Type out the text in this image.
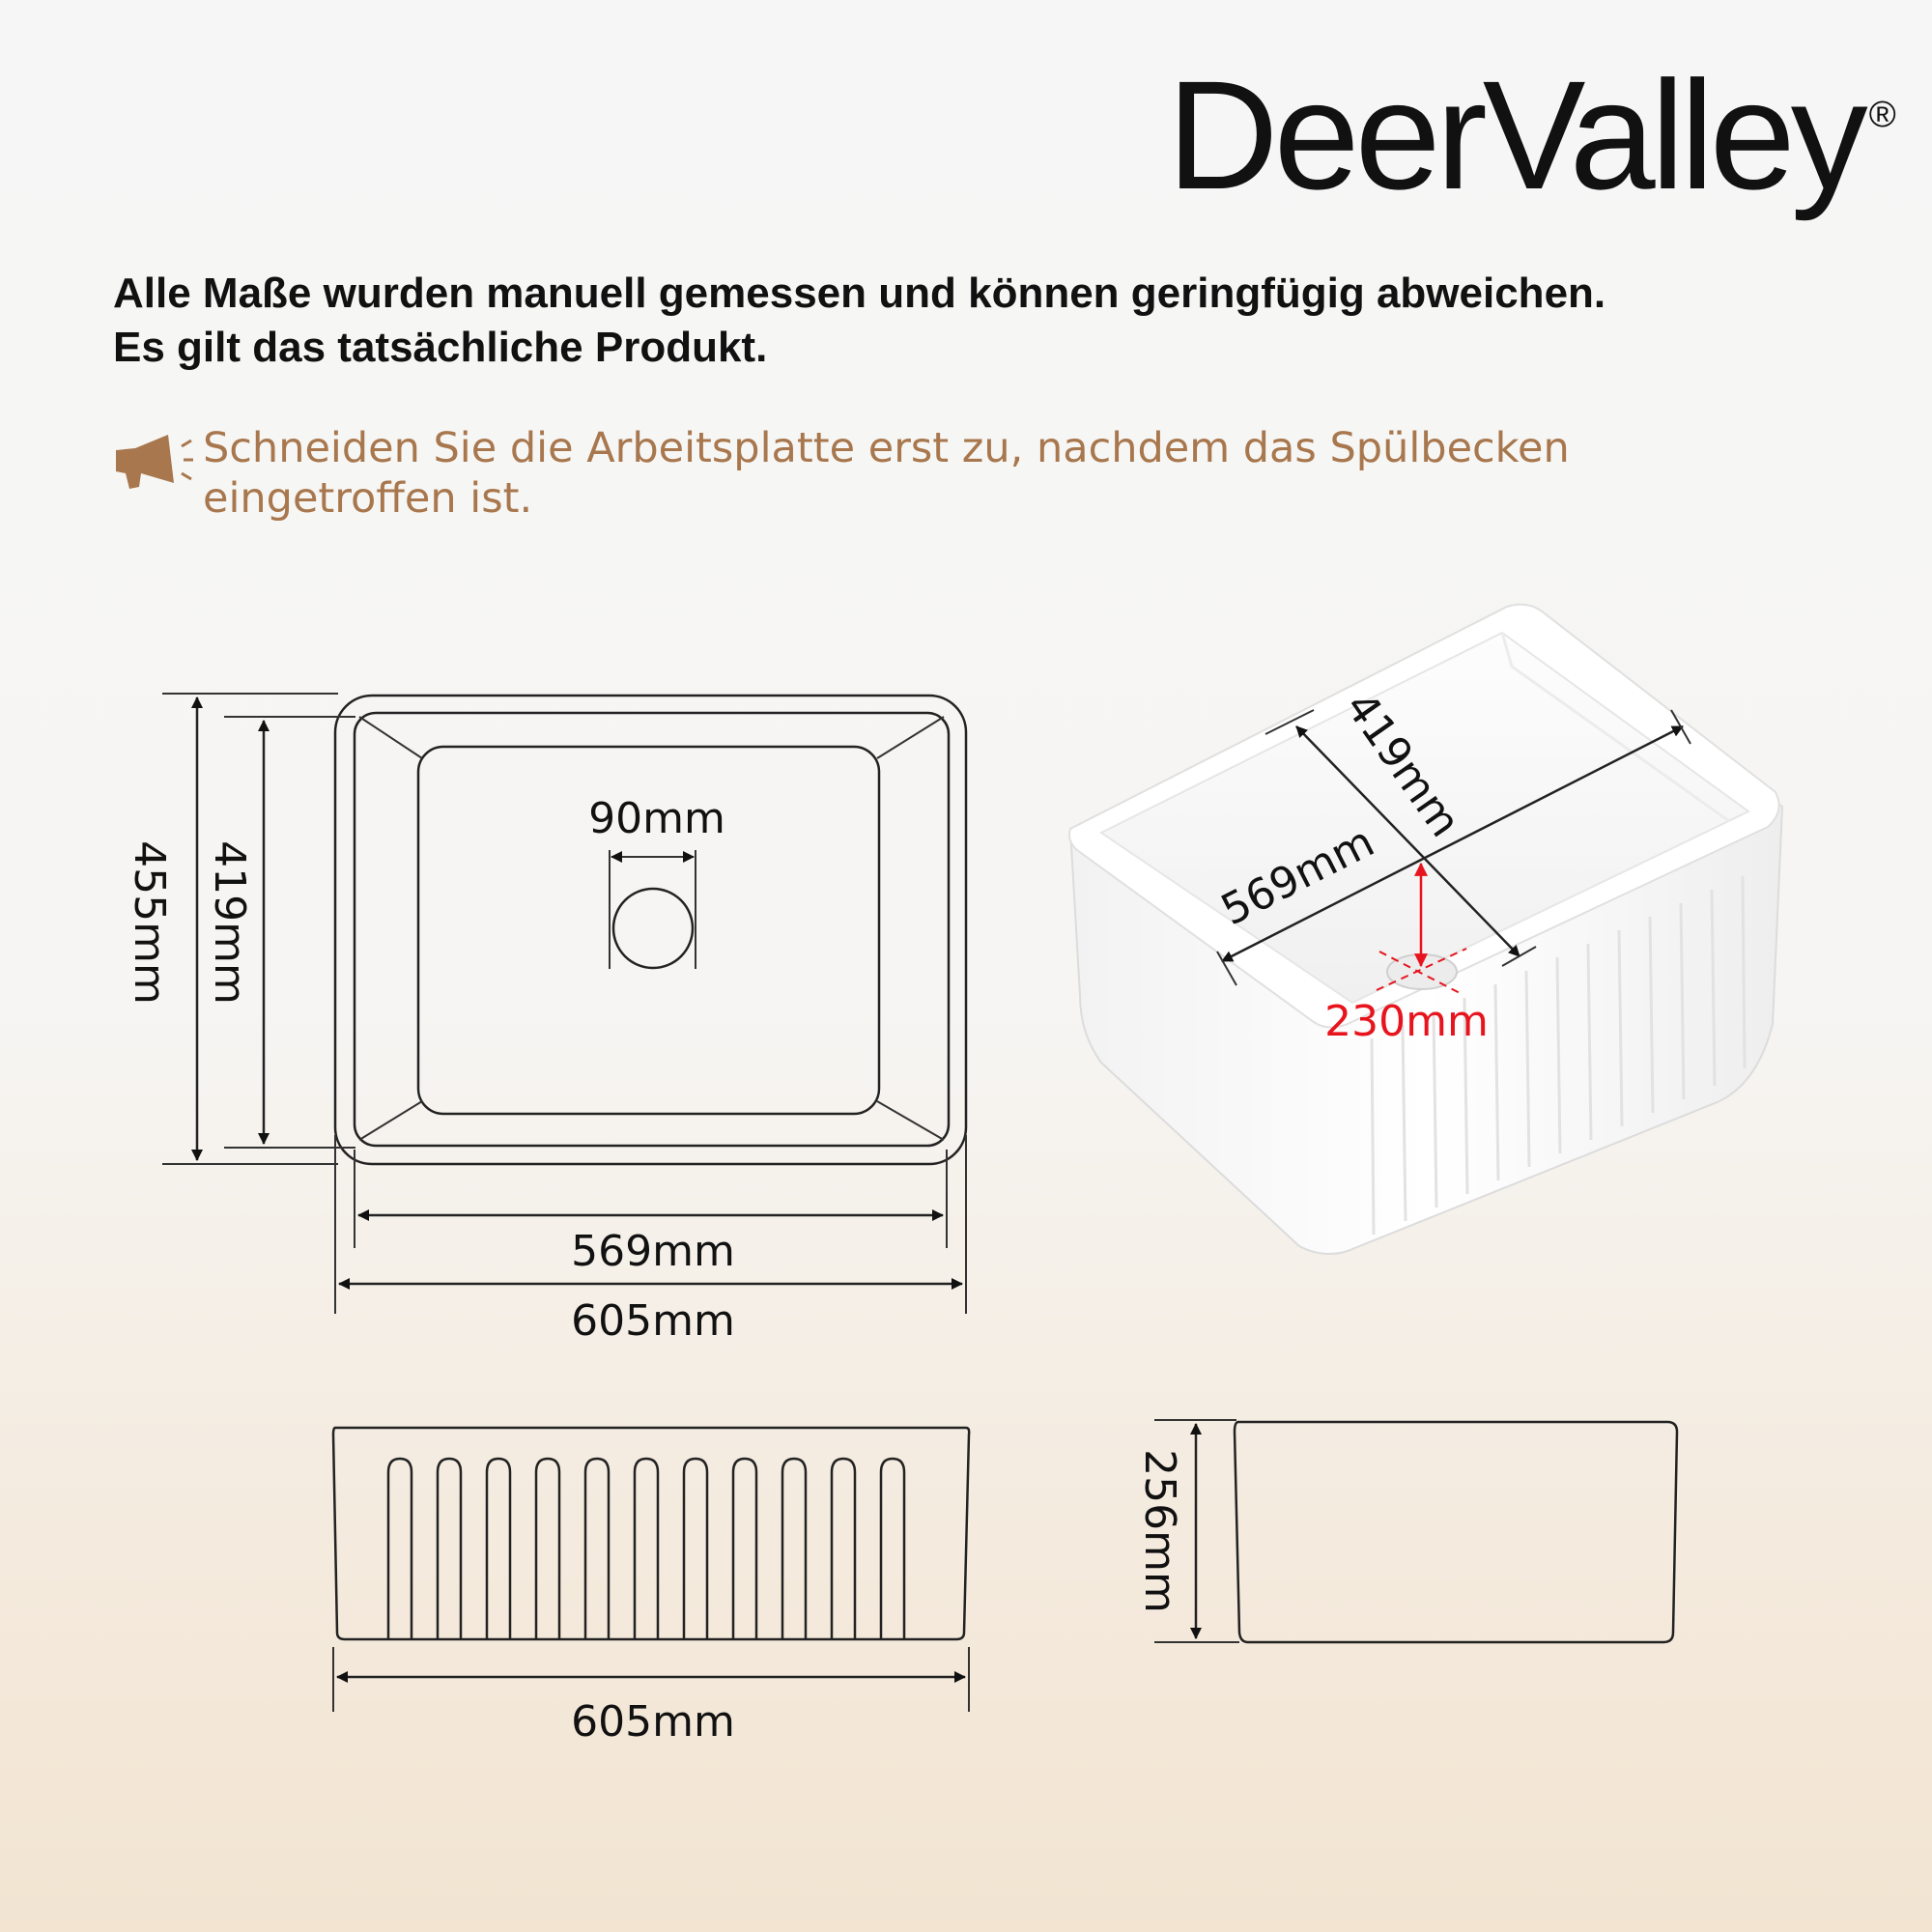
DeerValley ®
Alle Maße wurden manuell gemessen und können geringfügig abweichen.
Es gilt das tatsächliche Produkt.
Schneiden Sie die Arbeitsplatte erst zu, nachdem das Spülbecken
eingetroffen ist.
90mm
455mm 419mm
569mm
605mm
569mm
419mm
230mm
605mm
256mm
